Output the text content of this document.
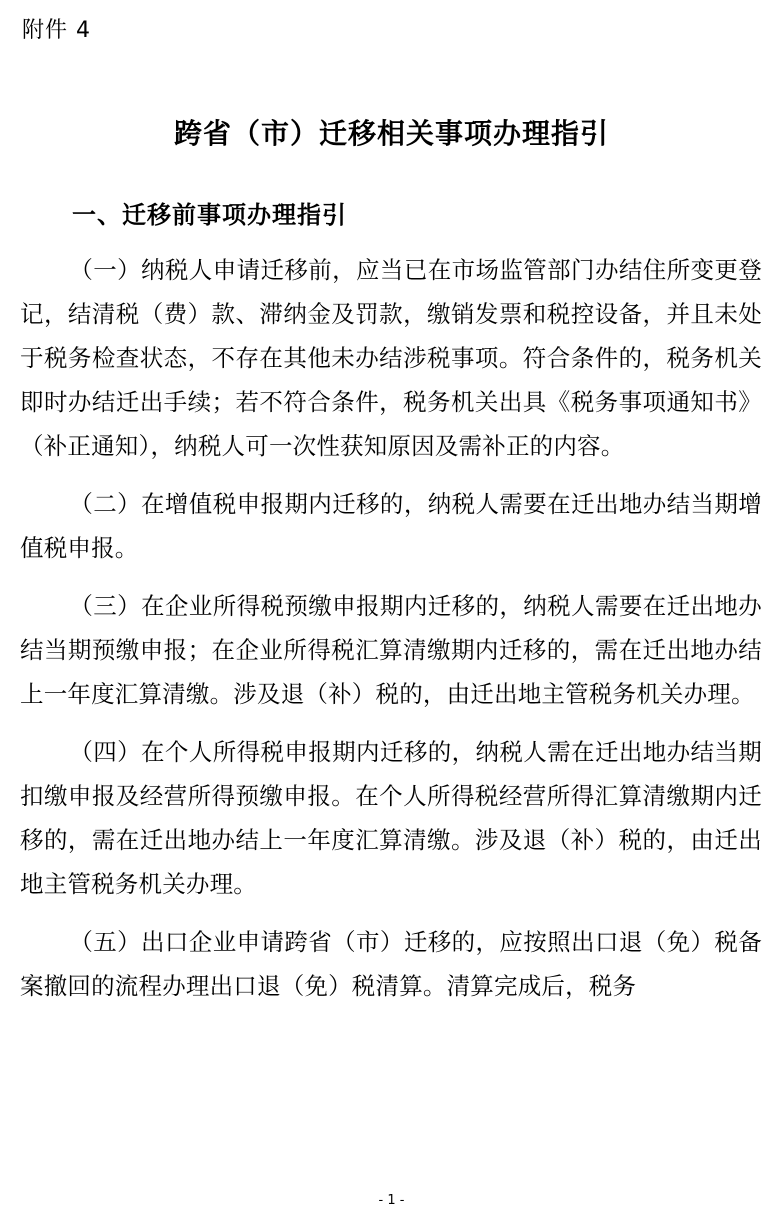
附件 4
跨省（市）迁移相关事项办理指引
一、迁移前事项办理指引

（一）纳税人申请迁移前，应当已在市场监管部门办结住所变更登记，结清税（费）款、滞纳金及罚款，缴销发票和税控设备，并且未处于税务检查状态，不存在其他未办结涉税事项。符合条件的，税务机关即时办结迁出手续；若不符合条件，税务机关出具《税务事项通知书》（补正通知），纳税人可一次性获知原因及需补正的内容。

（二）在增值税申报期内迁移的，纳税人需要在迁出地办结当期增值税申报。

（三）在企业所得税预缴申报期内迁移的，纳税人需要在迁出地办结当期预缴申报；在企业所得税汇算清缴期内迁移的，需在迁出地办结上一年度汇算清缴。涉及退（补）税的，由迁出地主管税务机关办理。

（四）在个人所得税申报期内迁移的，纳税人需在迁出地办结当期扣缴申报及经营所得预缴申报。在个人所得税经营所得汇算清缴期内迁移的，需在迁出地办结上一年度汇算清缴。涉及退（补）税的，由迁出地主管税务机关办理。

（五）出口企业申请跨省（市）迁移的，应按照出口退（免）税备案撤回的流程办理出口退（免）税清算。清算完成后，税务

- 1 -
